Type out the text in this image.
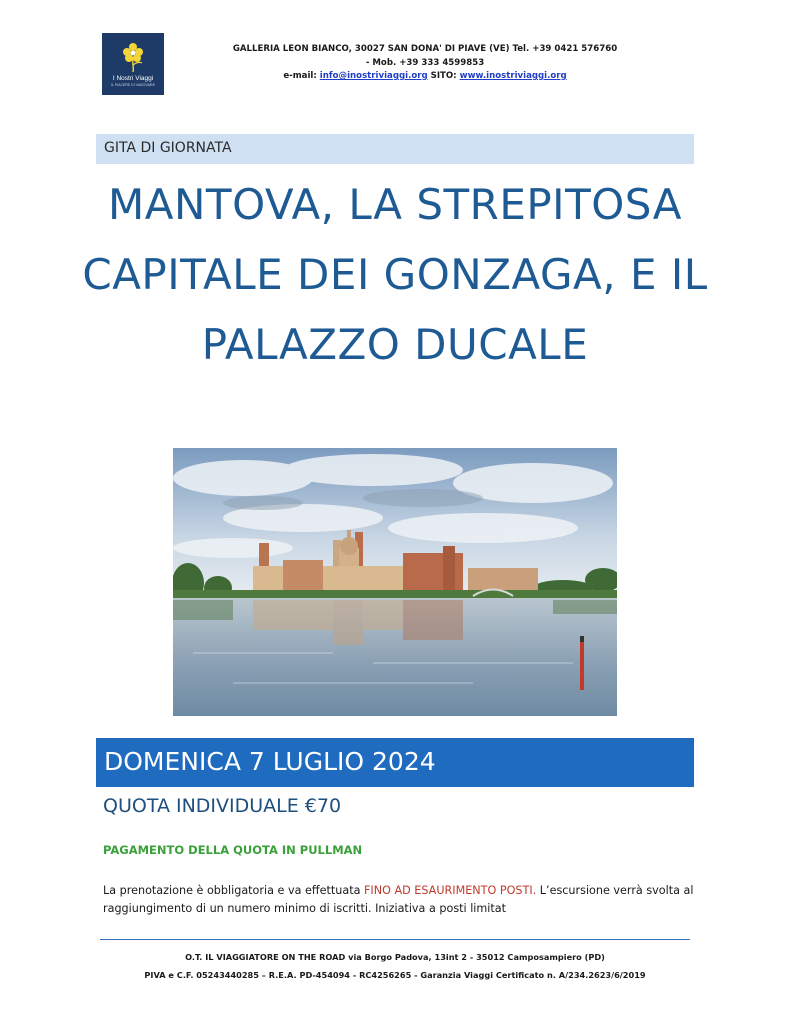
I Nostri Viaggi
IL PIACERE DI VIAGGIARE
GALLERIA LEON BIANCO, 30027 SAN DONA' DI PIAVE (VE) Tel. +39 0421 576760
- Mob. +39 333 4599853
e-mail: info@inostriviaggi.org SITO: www.inostriviaggi.org
GITA DI GIORNATA
MANTOVA, LA STREPITOSA CAPITALE DEI GONZAGA, E IL PALAZZO DUCALE
DOMENICA 7 LUGLIO 2024
QUOTA INDIVIDUALE €70
PAGAMENTO DELLA QUOTA IN PULLMAN

La prenotazione è obbligatoria e va effettuata FINO AD ESAURIMENTO POSTI. L’escursione verrà svolta al raggiungimento di un numero minimo di iscritti. Iniziativa a posti limitat

O.T. IL VIAGGIATORE ON THE ROAD via Borgo Padova, 13int 2 - 35012 Camposampiero (PD)
PIVA e C.F. 05243440285 – R.E.A. PD-454094 - RC4256265 - Garanzia Viaggi Certificato n. A/234.2623/6/2019
